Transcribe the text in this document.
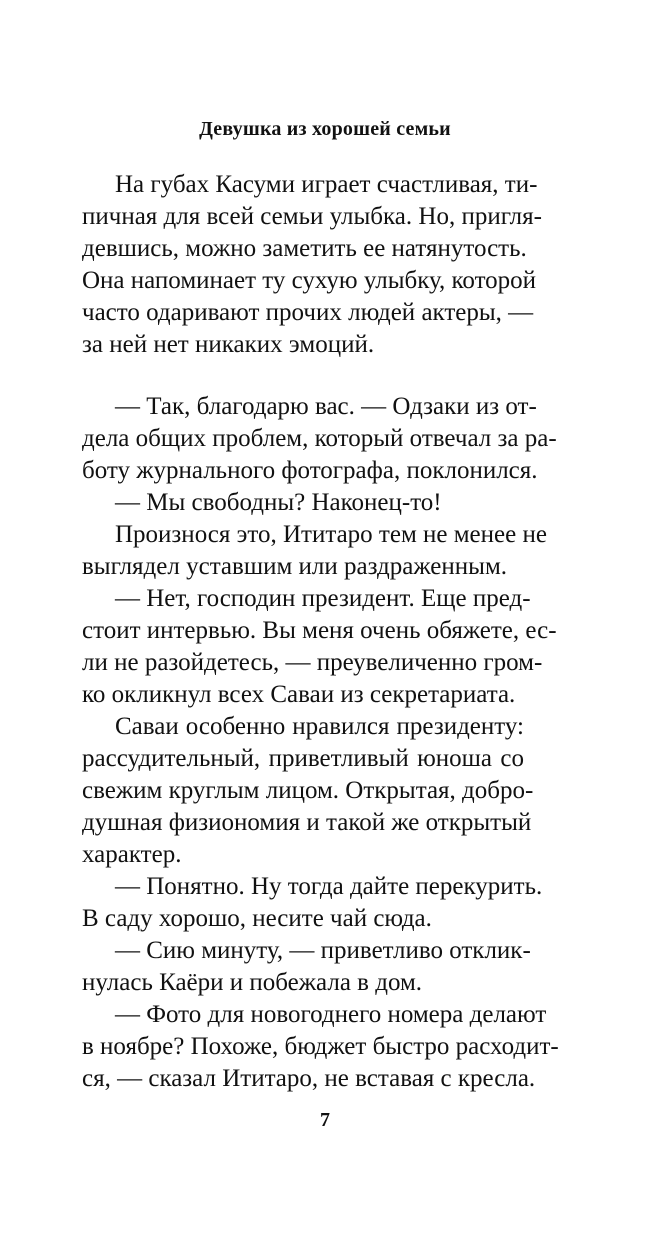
Девушка из хорошей семьи
На губах Касуми играет счастливая, ти-
пичная для всей семьи улыбка. Но, пригля-
девшись, можно заметить ее натянутость.
Она напоминает ту сухую улыбку, которой
часто одаривают прочих людей актеры, —
за ней нет никаких эмоций.
— Так, благодарю вас. — Одзаки из от-
дела общих проблем, который отвечал за ра-
боту журнального фотографа, поклонился.
— Мы свободны? Наконец-то!
Произнося это, Ититаро тем не менее не
выглядел уставшим или раздраженным.
— Нет, господин президент. Еще пред-
стоит интервью. Вы меня очень обяжете, ес-
ли не разойдетесь, — преувеличенно гром-
ко окликнул всех Саваи из секретариата.
Саваи особенно нравился президенту:
рассудительный, приветливый юноша со
свежим круглым лицом. Открытая, добро-
душная физиономия и такой же открытый
характер.
— Понятно. Ну тогда дайте перекурить.
В саду хорошо, несите чай сюда.
— Сию минуту, — приветливо отклик-
нулась Каёри и побежала в дом.
— Фото для новогоднего номера делают
в ноябре? Похоже, бюджет быстро расходит-
ся, — сказал Ититаро, не вставая с кресла.
7
